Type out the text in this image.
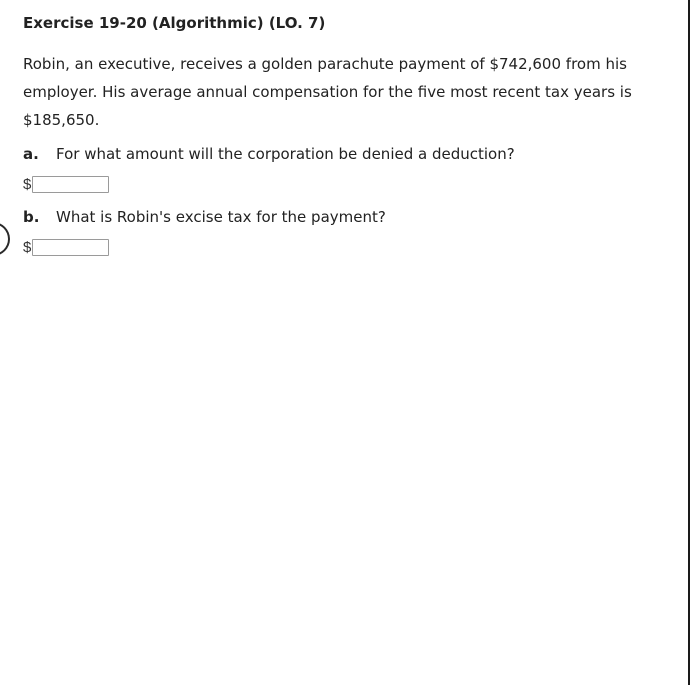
Exercise 19-20 (Algorithmic) (LO. 7)
Robin, an executive, receives a golden parachute payment of $742,600 from his employer. His average annual compensation for the five most recent tax years is $185,650.
a. For what amount will the corporation be denied a deduction?
$
b. What is Robin's excise tax for the payment?
$
